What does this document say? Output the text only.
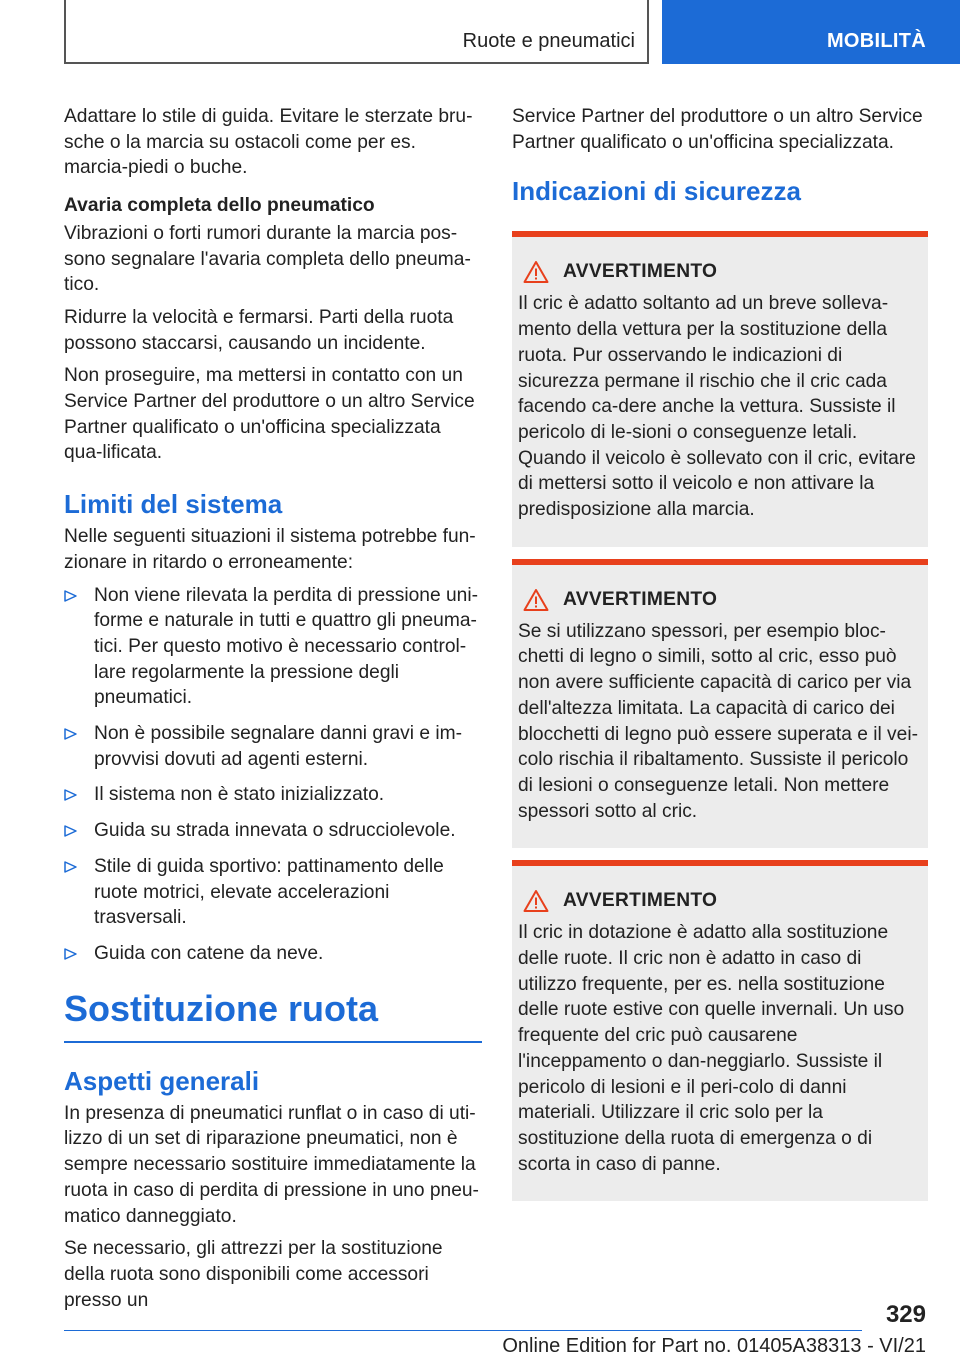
Ruote e pneumatici	MOBILITÀ

Adattare lo stile di guida. Evitare le sterzate bru-sche o la marcia su ostacoli come per es. marcia-piedi o buche.

Avaria completa dello pneumatico

Vibrazioni o forti rumori durante la marcia pos-sono segnalare l'avaria completa dello pneuma-tico.

Ridurre la velocità e fermarsi. Parti della ruota possono staccarsi, causando un incidente.

Non proseguire, ma mettersi in contatto con un Service Partner del produttore o un altro Service Partner qualificato o un'officina specializzata qua-lificata.

Limiti del sistema

Nelle seguenti situazioni il sistema potrebbe fun-zionare in ritardo o erroneamente:

Non viene rilevata la perdita di pressione uni-forme e naturale in tutti e quattro gli pneuma-tici. Per questo motivo è necessario control-lare regolarmente la pressione degli pneumatici.
Non è possibile segnalare danni gravi e im-provvisi dovuti ad agenti esterni.
Il sistema non è stato inizializzato.
Guida su strada innevata o sdrucciolevole.
Stile di guida sportivo: pattinamento delle ruote motrici, elevate accelerazioni trasversali.
Guida con catene da neve.
Sostituzione ruota
Aspetti generali

In presenza di pneumatici runflat o in caso di uti-lizzo di un set di riparazione pneumatici, non è sempre necessario sostituire immediatamente la ruota in caso di perdita di pressione in uno pneu-matico danneggiato.

Se necessario, gli attrezzi per la sostituzione della ruota sono disponibili come accessori presso un

Service Partner del produttore o un altro Service Partner qualificato o un'officina specializzata.

Indicazioni di sicurezza
AVVERTIMENTO

Il cric è adatto soltanto ad un breve solleva-mento della vettura per la sostituzione della ruota. Pur osservando le indicazioni di sicurezza permane il rischio che il cric cada facendo ca-dere anche la vettura. Sussiste il pericolo di le-sioni o conseguenze letali. Quando il veicolo è sollevato con il cric, evitare di mettersi sotto il veicolo e non attivare la predisposizione alla marcia.

AVVERTIMENTO

Se si utilizzano spessori, per esempio bloc-chetti di legno o simili, sotto al cric, esso può non avere sufficiente capacità di carico per via dell'altezza limitata. La capacità di carico dei blocchetti di legno può essere superata e il vei-colo rischia il ribaltamento. Sussiste il pericolo di lesioni o conseguenze letali. Non mettere spessori sotto al cric.

AVVERTIMENTO

Il cric in dotazione è adatto alla sostituzione delle ruote. Il cric non è adatto in caso di utilizzo frequente, per es. nella sostituzione delle ruote estive con quelle invernali. Un uso frequente del cric può causarene l'inceppamento o dan-neggiarlo. Sussiste il pericolo di lesioni e il peri-colo di danni materiali. Utilizzare il cric solo per la sostituzione della ruota di emergenza o di scorta in caso di panne.

329
Online Edition for Part no. 01405A38313 - VI/21
